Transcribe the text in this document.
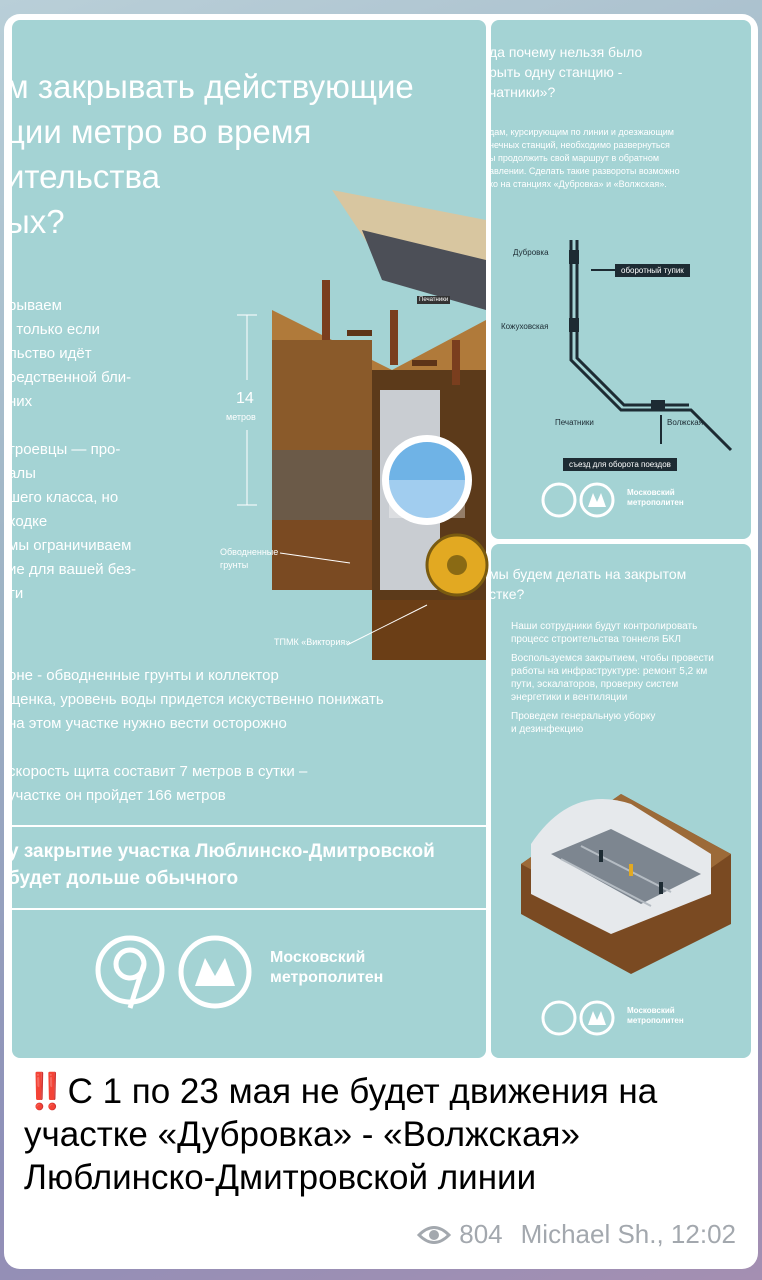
м закрывать действующие
ции метро во время
ительства
ых?
рываем
, только если
льство идёт
редственной бли-
них
троевцы — про-
алы
шего класса, но
ходке
мы ограничиваем
ие для вашей без-
ти
14
метров
Печатники
Обводненные грунты
ТПМК «Виктория»
оне - обводненные грунты и коллектор
щенка, уровень воды придется искуственно понижать
на этом участке нужно вести осторожно
скорость щита составит 7 метров в сутки –
участке он пройдет 166 метров
у закрытие участка Люблинско-Дмитровской
будет дольше обычного
Московский
метрополитен
да почему нельзя было
рыть одну станцию -
чатники»?
дам, курсирующим по линии и доезжающим
нечных станций, необходимо развернуться
ы продолжить свой маршрут в обратном
авлении. Сделать такие развороты возможно
ко на станциях «Дубровка» и «Волжская».
Дубровка
Кожуховская
Печатники	Волжская
оборотный тупик
съезд для оборота поездов
Московский
метрополитен
мы будем делать на закрытом
стке?
Наши сотрудники будут контролировать
процесс строительства тоннеля БКЛ
Воспользуемся закрытием, чтобы провести
работы на инфраструктуре: ремонт 5,2 км
пути, эскалаторов, проверку систем
энергетики и вентиляции
Проведем генеральную уборку
и дезинфекцию
Московский
метрополитен
‼️С 1 по 23 мая не будет движения на участке «Дубровка» - «Волжская» Люблинско-Дмитровской линии
804 Michael Sh., 12:02
